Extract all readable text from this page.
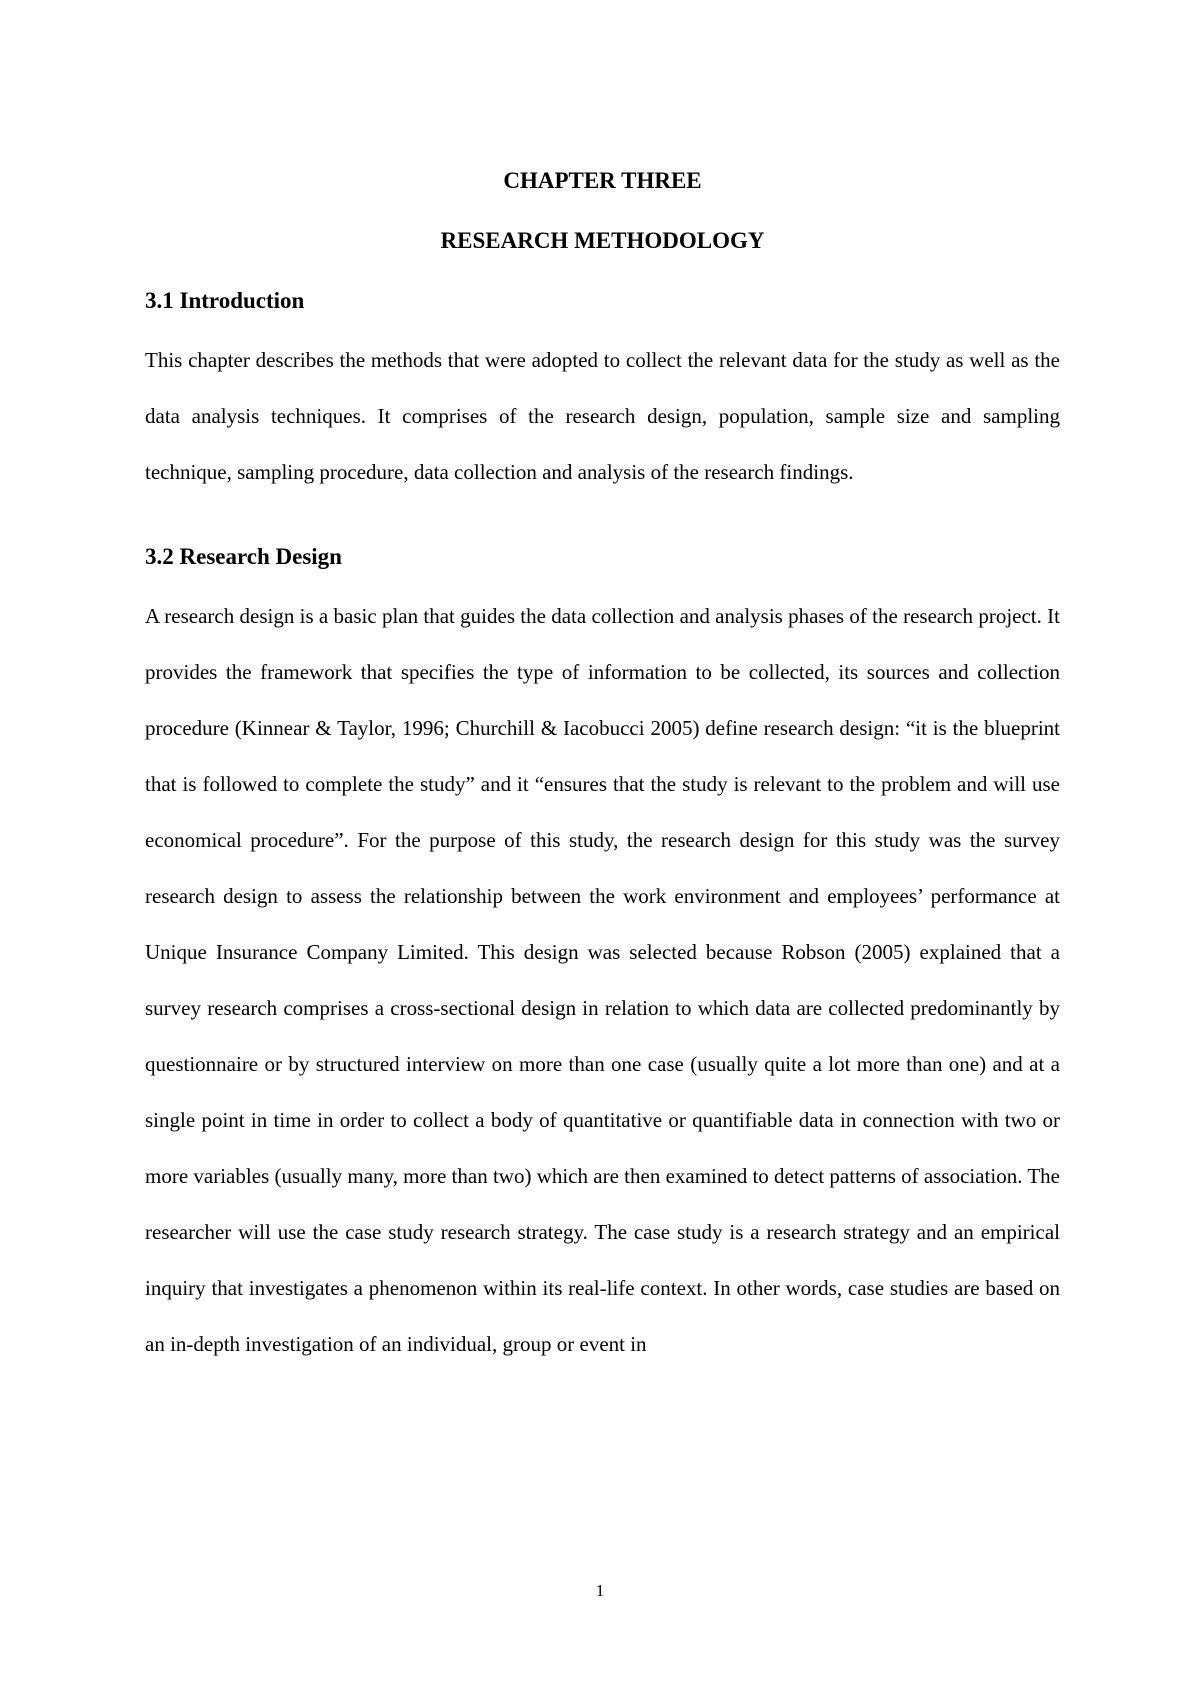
CHAPTER THREE
RESEARCH METHODOLOGY
3.1 Introduction

This chapter describes the methods that were adopted to collect the relevant data for the study as well as the data analysis techniques. It comprises of the research design, population, sample size and sampling technique, sampling procedure, data collection and analysis of the research findings.

3.2 Research Design

A research design is a basic plan that guides the data collection and analysis phases of the research project. It provides the framework that specifies the type of information to be collected, its sources and collection procedure (Kinnear & Taylor, 1996; Churchill & Iacobucci 2005) define research design: “it is the blueprint that is followed to complete the study” and it “ensures that the study is relevant to the problem and will use economical procedure”. For the purpose of this study, the research design for this study was the survey research design to assess the relationship between the work environment and employees’ performance at Unique Insurance Company Limited. This design was selected because Robson (2005) explained that a survey research comprises a cross-sectional design in relation to which data are collected predominantly by questionnaire or by structured interview on more than one case (usually quite a lot more than one) and at a single point in time in order to collect a body of quantitative or quantifiable data in connection with two or more variables (usually many, more than two) which are then examined to detect patterns of association. The researcher will use the case study research strategy. The case study is a research strategy and an empirical inquiry that investigates a phenomenon within its real-life context. In other words, case studies are based on an in-depth investigation of an individual, group or event in

1
